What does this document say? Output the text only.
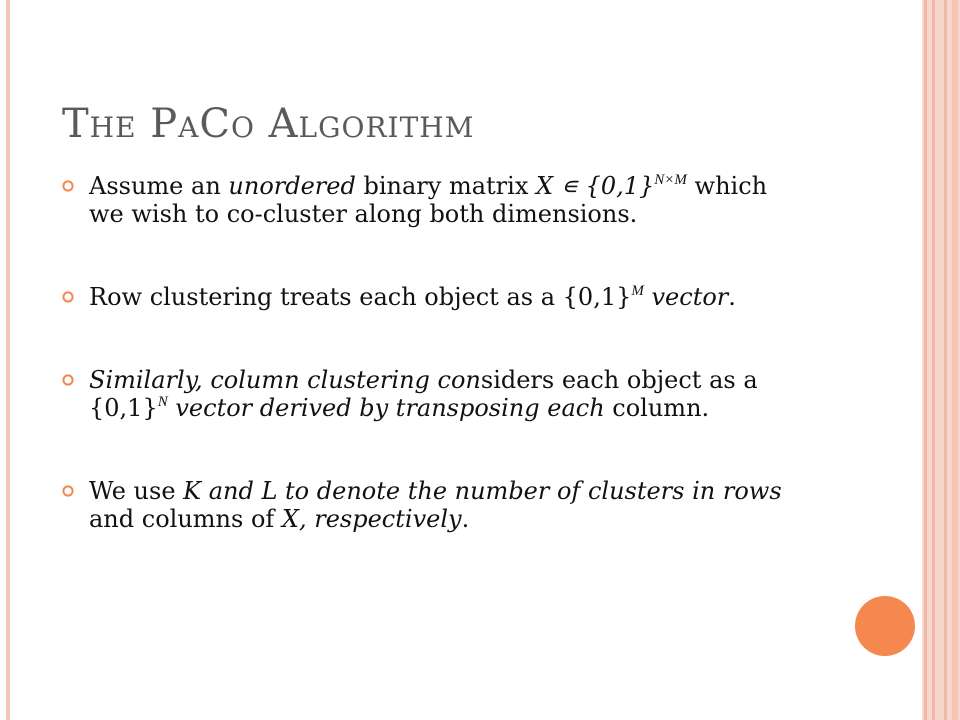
The PaCo Algorithm
Assume an unordered binary matrix X ∊ $\{0,1\}^{N\times M}$ which we wish to co-cluster along both dimensions.
Row clustering treats each object as a $\{0,1\}^M$ vector.
Similarly, column clustering considers each object as a $\{0,1\}^N$ vector derived by transposing each column.
We use K and L to denote the number of clusters in rows and columns of X, respectively.
